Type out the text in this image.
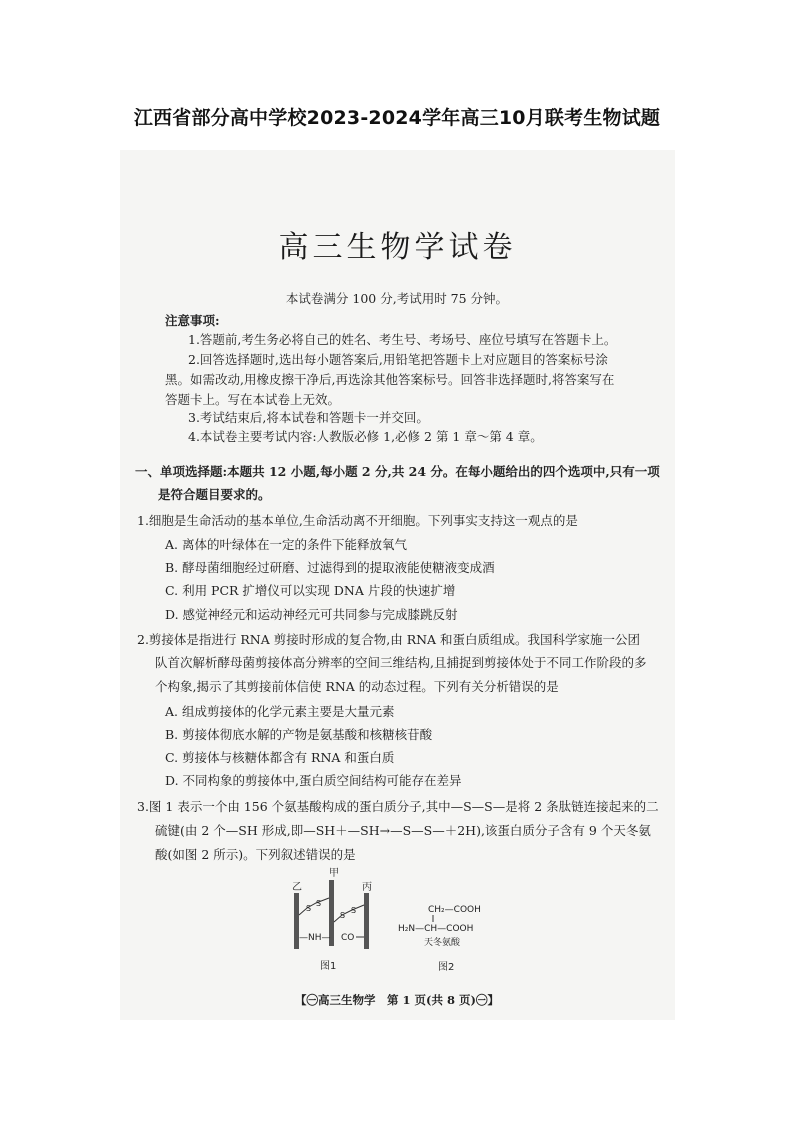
江西省部分高中学校2023-2024学年高三10月联考生物试题
高三生物学试卷
本试卷满分 100 分,考试用时 75 分钟。
注意事项:
1.答题前,考生务必将自己的姓名、考生号、考场号、座位号填写在答题卡上。
2.回答选择题时,选出每小题答案后,用铅笔把答题卡上对应题目的答案标号涂
黑。如需改动,用橡皮擦干净后,再选涂其他答案标号。回答非选择题时,将答案写在
答题卡上。写在本试卷上无效。
3.考试结束后,将本试卷和答题卡一并交回。
4.本试卷主要考试内容:人教版必修 1,必修 2 第 1 章～第 4 章。
一、单项选择题:本题共 12 小题,每小题 2 分,共 24 分。在每小题给出的四个选项中,只有一项
是符合题目要求的。
1.细胞是生命活动的基本单位,生命活动离不开细胞。下列事实支持这一观点的是
A. 离体的叶绿体在一定的条件下能释放氧气
B. 酵母菌细胞经过研磨、过滤得到的提取液能使糖液变成酒
C. 利用 PCR 扩增仪可以实现 DNA 片段的快速扩增
D. 感觉神经元和运动神经元可共同参与完成膝跳反射
2.剪接体是指进行 RNA 剪接时形成的复合物,由 RNA 和蛋白质组成。我国科学家施一公团
队首次解析酵母菌剪接体高分辨率的空间三维结构,且捕捉到剪接体处于不同工作阶段的多
个构象,揭示了其剪接前体信使 RNA 的动态过程。下列有关分析错误的是
A. 组成剪接体的化学元素主要是大量元素
B. 剪接体彻底水解的产物是氨基酸和核糖核苷酸
C. 剪接体与核糖体都含有 RNA 和蛋白质
D. 不同构象的剪接体中,蛋白质空间结构可能存在差异
3.图 1 表示一个由 156 个氨基酸构成的蛋白质分子,其中—S—S—是将 2 条肽链连接起来的二
硫键(由 2 个—SH 形成,即—SH＋—SH→—S—S—＋2H),该蛋白质分子含有 9 个天冬氨
酸(如图 2 所示)。下列叙述错误的是
乙
甲
丙
S
S
S
S
—NH— CO
图1
CH₂—COOH
H₂N—CH—COOH
天冬氨酸
图2
【㊀高三生物学　第 1 页(共 8 页)㊀】
